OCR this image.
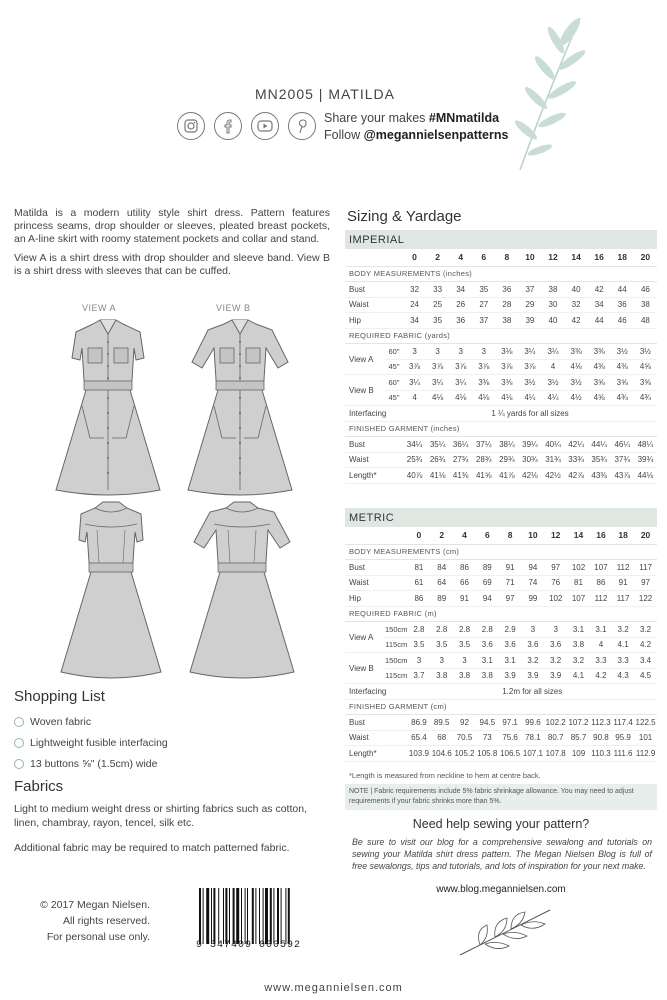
MN2005 | MATILDA
Share your makes #MNmatilda
Follow @megannielsenpatterns

Matilda is a modern utility style shirt dress. Pattern features princess seams, drop shoulder or sleeves, pleated breast pockets, an A-line skirt with roomy statement pockets and collar and stand.

View A is a shirt dress with drop shoulder and sleeve band. View B is a shirt dress with sleeves that can be cuffed.

VIEW A	VIEW B
Shopping List
Woven fabric
Lightweight fusible interfacing
13 buttons ⅝" (1.5cm) wide
Fabrics
Light to medium weight dress or shirting fabrics such as cotton, linen, chambray, rayon, tencel, silk etc.
Additional fabric may be required to match patterned fabric.
© 2017 Megan Nielsen.
All rights reserved.
For personal use only.
9 347409 000592
Sizing & Yardage
IMPERIAL												
		0	2	4	6	8	10	12	14	16	18	20
BODY MEASUREMENTS (inches)												
Bust		32	33	34	35	36	37	38	40	42	44	46
Waist		24	25	26	27	28	29	30	32	34	36	38
Hip		34	35	36	37	38	39	40	42	44	46	48
REQUIRED FABRIC (yards)												
View A	60"	3	3	3	3	3⅛	3¼	3¼	3⅜	3⅜	3½	3½
	45"	3⅞	3⅞	3⅞	3⅞	3⅞	3⅞	4	4⅛	4⅜	4⅜	4⅝
View B	60"	3¼	3¼	3¼	3⅜	3⅜	3½	3½	3½	3⅝	3⅝	3⅝
	45"	4	4⅛	4⅛	4⅛	4⅛	4¼	4¼	4½	4⅝	4¾	4¾
Interfacing		1 ¼ yards for all sizes										
FINISHED GARMENT (inches)												
Bust		34¼	35¼	36¼	37¼	38¼	39¼	40¼	42¼	44¼	46¼	48¼
Waist		25¾	26¾	27¾	28¾	29¾	30¾	31¾	33¾	35¾	37¾	39¾
Length*		40⅞	41⅛	41⅜	41⅝	41⅞	42⅛	42½	42⅞	43⅜	43⅞	44⅛
METRIC												
		0	2	4	6	8	10	12	14	16	18	20
BODY MEASUREMENTS (cm)												
Bust		81	84	86	89	91	94	97	102	107	112	117
Waist		61	64	66	69	71	74	76	81	86	91	97
Hip		86	89	91	94	97	99	102	107	112	117	122
REQUIRED FABRIC (m)												
View A	150cm	2.8	2.8	2.8	2.8	2.9	3	3	3.1	3.1	3.2	3.2
	115cm	3.5	3.5	3.5	3.6	3.6	3.6	3.6	3.8	4	4.1	4.2
View B	150cm	3	3	3	3.1	3.1	3.2	3.2	3.2	3.3	3.3	3.4
	115cm	3.7	3.8	3.8	3.8	3.9	3.9	3.9	4.1	4.2	4.3	4.5
Interfacing		1.2m for all sizes										
FINISHED GARMENT (cm)												
Bust		86.9	89.5	92	94.5	97.1	99.6	102.2	107.2	112.3	117.4	122.5
Waist		65.4	68	70.5	73	75.6	78.1	80.7	85.7	90.8	95.9	101
Length*		103.9	104.6	105.2	105.8	106.5	107.1	107.8	109	110.3	111.6	112.9
*Length is measured from neckline to hem at centre back.
NOTE | Fabric requirements include 5% fabric shrinkage allowance. You may need to adjust requirements if your fabric shrinks more than 5%.
Need help sewing your pattern?
Be sure to visit our blog for a comprehensive sewalong and tutorials on sewing your Matilda shirt dress pattern. The Megan Nielsen Blog is full of free sewalongs, tips and tutorials, and lots of inspiration for your next make.
www.blog.megannielsen.com
www.megannielsen.com
